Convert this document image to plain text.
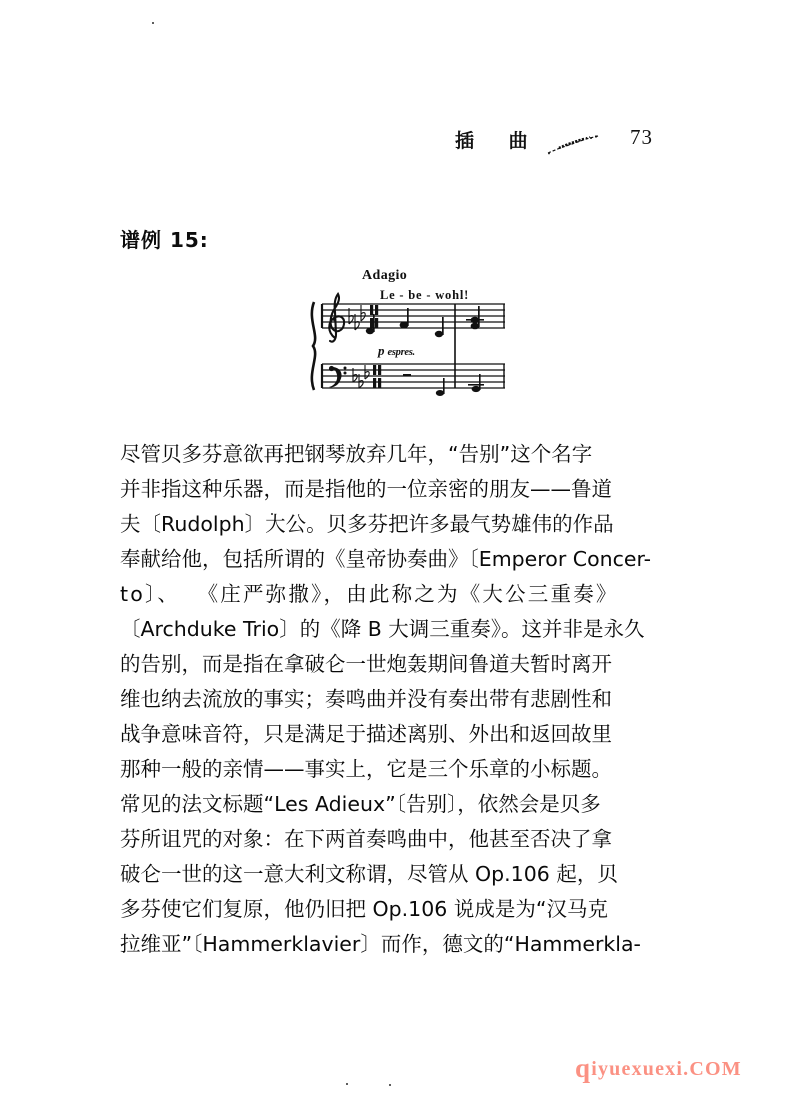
插 曲	73
谱例 15:
Adagio
Le - be - wohl!
p espres.
尽管贝多芬意欲再把钢琴放弃几年，“告别”这个名字
并非指这种乐器，而是指他的一位亲密的朋友——鲁道
夫〔Rudolph〕大公。贝多芬把许多最气势雄伟的作品
奉献给他，包括所谓的《皇帝协奏曲》〔Emperor Concer-
to〕、  《庄严弥撒》，由此称之为《大公三重奏》
〔Archduke Trio〕的《降 B 大调三重奏》。这并非是永久
的告别，而是指在拿破仑一世炮轰期间鲁道夫暂时离开
维也纳去流放的事实；奏鸣曲并没有奏出带有悲剧性和
战争意味音符，只是满足于描述离别、外出和返回故里
那种一般的亲情——事实上，它是三个乐章的小标题。
常见的法文标题“Les Adieux”〔告别〕，依然会是贝多
芬所诅咒的对象：在下两首奏鸣曲中，他甚至否决了拿
破仑一世的这一意大利文称谓，尽管从 Op.106 起，贝
多芬使它们复原，他仍旧把 Op.106 说成是为“汉马克
拉维亚”〔Hammerklavier〕而作，德文的“Hammerkla-
qiyuexuexi.COM
